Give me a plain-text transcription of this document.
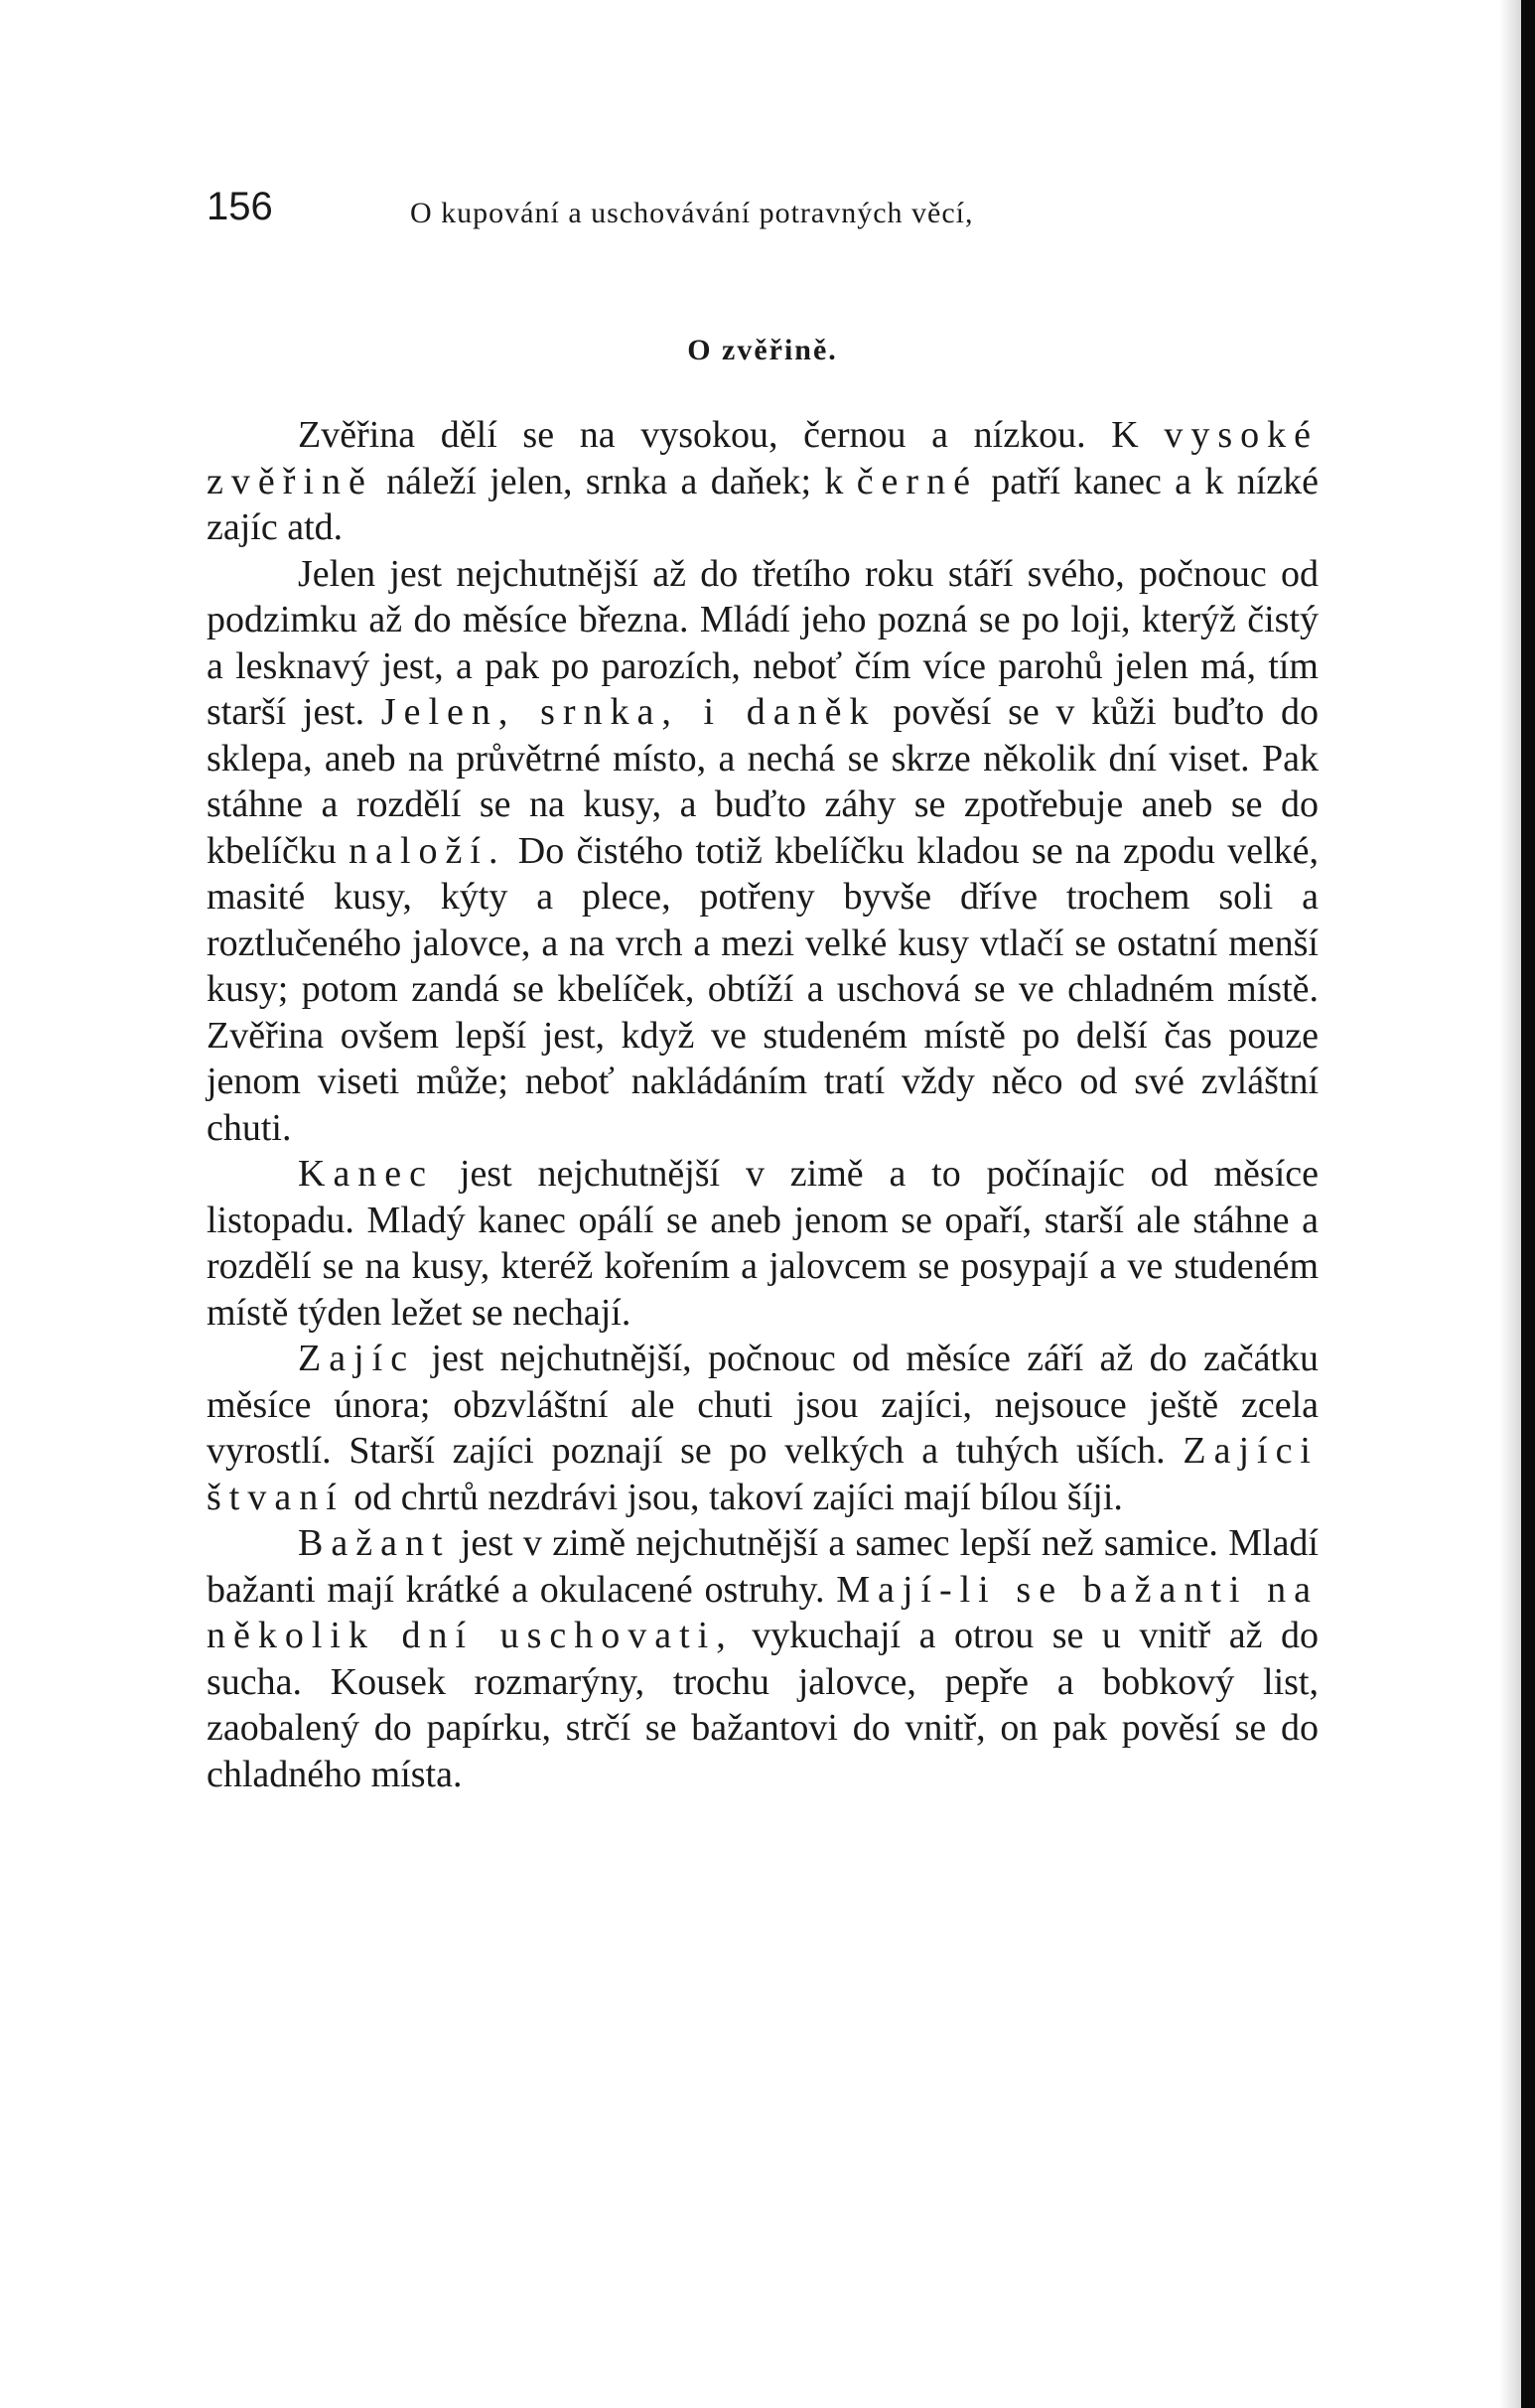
156	O kupování a uschovávání potravných věcí,
O zvěřině.

Zvěřina dělí se na vysokou, černou a nízkou. K vysoké zvěřině náleží jelen, srnka a daňek; k černé patří kanec a k nízké zajíc atd.

Jelen jest nejchutnější až do třetího roku stáří svého, počnouc od podzimku až do měsíce března. Mládí jeho pozná se po loji, kterýž čistý a lesknavý jest, a pak po parozích, neboť čím více parohů jelen má, tím starší jest. Jelen, srnka, i daněk pověsí se v kůži buďto do sklepa, aneb na průvětrné místo, a nechá se skrze několik dní viset. Pak stáhne a rozdělí se na kusy, a buďto záhy se zpotřebuje aneb se do kbelíčku naloží. Do čistého totiž kbelíčku kladou se na zpodu velké, masité kusy, kýty a plece, potřeny byvše dříve trochem soli a roztlučeného jalovce, a na vrch a mezi velké kusy vtlačí se ostatní menší kusy; potom zandá se kbelíček, obtíží a uschová se ve chladném místě. Zvěřina ovšem lepší jest, když ve studeném místě po delší čas pouze jenom viseti může; neboť nakládáním tratí vždy něco od své zvláštní chuti.

Kanec jest nejchutnější v zimě a to počínajíc od měsíce listopadu. Mladý kanec opálí se aneb jenom se opaří, starší ale stáhne a rozdělí se na kusy, kteréž kořením a jalovcem se posypají a ve studeném místě týden ležet se nechají.

Zajíc jest nejchutnější, počnouc od měsíce září až do začátku měsíce února; obzvláštní ale chuti jsou zajíci, nejsouce ještě zcela vyrostlí. Starší zajíci poznají se po velkých a tuhých uších. Zajíci štvaní od chrtů nezdrávi jsou, takoví zajíci mají bílou šíji.

Bažant jest v zimě nejchutnější a samec lepší než samice. Mladí bažanti mají krátké a okulacené ostruhy. Mají-li se bažanti na několik dní uschovati, vykuchají a otrou se u vnitř až do sucha. Kousek rozmarýny, trochu jalovce, pepře a bobkový list, zaobalený do papírku, strčí se bažantovi do vnitř, on pak pověsí se do chladného místa.
